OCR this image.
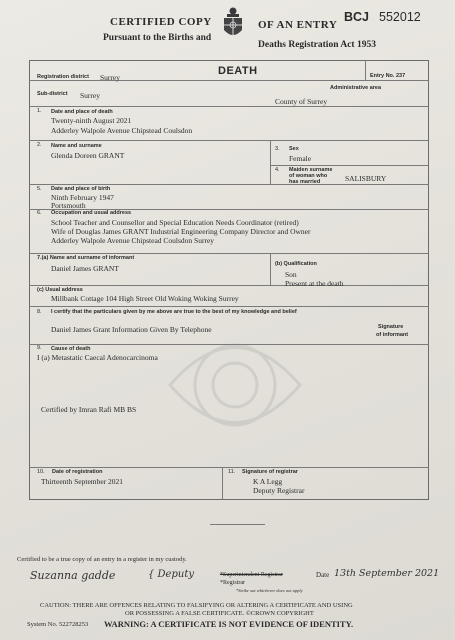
CERTIFIED COPY
Pursuant to the Births and
OF AN ENTRY
Deaths Registration Act 1953
BCJ 552012
DEATH	Entry No. 237
Registration district Surrey
Administrative area
Sub-district Surrey
County of Surrey
1. Date and place of death
Twenty-ninth August 2021
Adderley Walpole Avenue Chipstead Coulsdon
2. Name and surname
Glenda Doreen GRANT
3. Sex
Female
4. Maiden surname
of woman who
has married	SALISBURY
5. Date and place of birth
Ninth February 1947
Portsmouth
6. Occupation and usual address
School Teacher and Counsellor and Special Education Needs Coordinator (retired)
Wife of Douglas James GRANT Industrial Engineering Company Director and Owner
Adderley Walpole Avenue Chipstead Coulsdon Surrey
7.(a) Name and surname of informant
Daniel James GRANT	(b) Qualification
Son
Present at the death
(c) Usual address
Millbank Cottage 104 High Street Old Woking Woking Surrey
8. I certify that the particulars given by me above are true to the best of my knowledge and belief
Daniel James Grant Information Given By Telephone	Signature
of informant
9. Cause of death
I (a) Metastatic Caecal Adenocarcinoma
Certified by Imran Rafi MB BS
10. Date of registration
Thirteenth September 2021
11. Signature of registrar
K A Legg
Deputy Registrar
Certified to be a true copy of an entry in a register in my custody.
Suzanna gadde	{ Deputy	*Superintendent Registrar
*Registrar
*Strike out whichever does not apply
Date 13th September 2021
CAUTION: THERE ARE OFFENCES RELATING TO FALSIFYING OR ALTERING A CERTIFICATE AND USING
OR POSSESSING A FALSE CERTIFICATE. ©CROWN COPYRIGHT
System No. 522728253 WARNING: A CERTIFICATE IS NOT EVIDENCE OF IDENTITY.
